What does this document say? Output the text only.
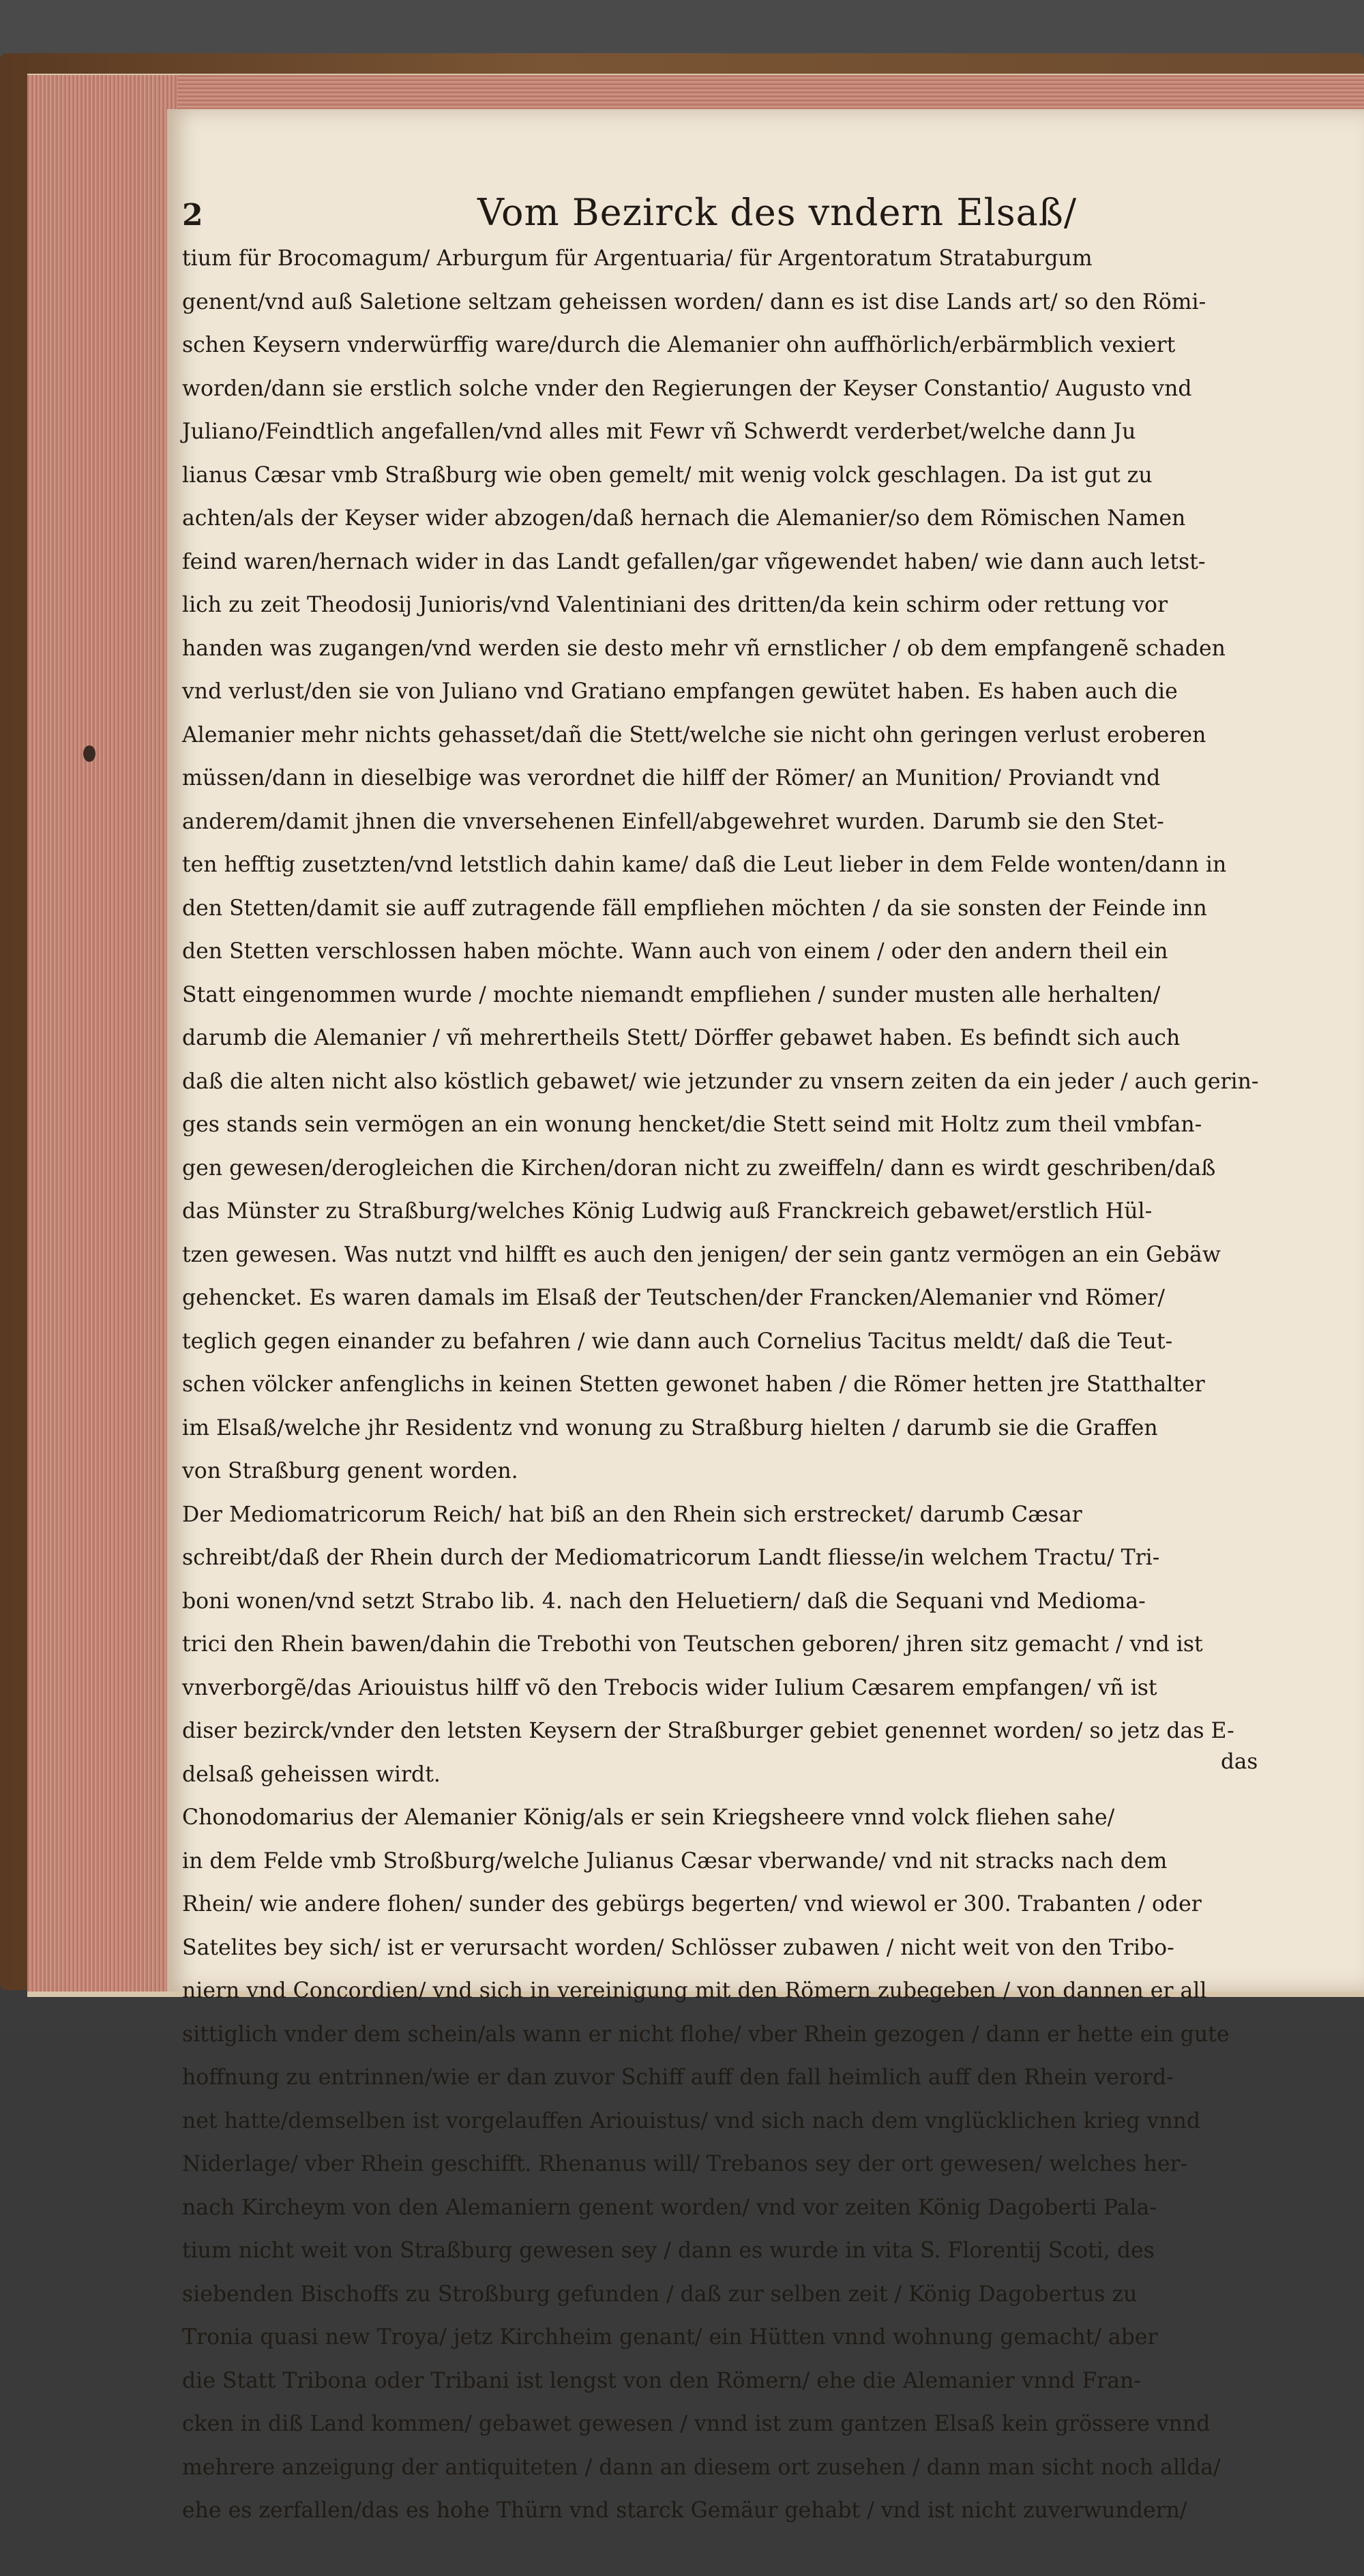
2	Vom Bezirck des vndern Elsaß/
tium für Brocomagum/ Arburgum für Argentuaria/ für Argentoratum Strataburgum
genent/vnd auß Saletione seltzam geheissen worden/ dann es ist dise Lands art/ so den Römi-
schen Keysern vnderwürffig ware/durch die Alemanier ohn auffhörlich/erbärmblich vexiert
worden/dann sie erstlich solche vnder den Regierungen der Keyser Constantio/ Augusto vnd
Juliano/Feindtlich angefallen/vnd alles mit Fewr vñ Schwerdt verderbet/welche dann Ju
lianus Cæsar vmb Straßburg wie oben gemelt/ mit wenig volck geschlagen. Da ist gut zu
achten/als der Keyser wider abzogen/daß hernach die Alemanier/so dem Römischen Namen
feind waren/hernach wider in das Landt gefallen/gar vñgewendet haben/ wie dann auch letst-
lich zu zeit Theodosij Junioris/vnd Valentiniani des dritten/da kein schirm oder rettung vor
handen was zugangen/vnd werden sie desto mehr vñ ernstlicher / ob dem empfangenẽ schaden
vnd verlust/den sie von Juliano vnd Gratiano empfangen gewütet haben. Es haben auch die
Alemanier mehr nichts gehasset/dañ die Stett/welche sie nicht ohn geringen verlust eroberen
müssen/dann in dieselbige was verordnet die hilff der Römer/ an Munition/ Proviandt vnd
anderem/damit jhnen die vnversehenen Einfell/abgewehret wurden. Darumb sie den Stet-
ten hefftig zusetzten/vnd letstlich dahin kame/ daß die Leut lieber in dem Felde wonten/dann in
den Stetten/damit sie auff zutragende fäll empfliehen möchten / da sie sonsten der Feinde inn
den Stetten verschlossen haben möchte. Wann auch von einem / oder den andern theil ein
Statt eingenommen wurde / mochte niemandt empfliehen / sunder musten alle herhalten/
darumb die Alemanier / vñ mehrertheils Stett/ Dörffer gebawet haben. Es befindt sich auch
daß die alten nicht also köstlich gebawet/ wie jetzunder zu vnsern zeiten da ein jeder / auch gerin-
ges stands sein vermögen an ein wonung hencket/die Stett seind mit Holtz zum theil vmbfan-
gen gewesen/derogleichen die Kirchen/doran nicht zu zweiffeln/ dann es wirdt geschriben/daß
das Münster zu Straßburg/welches König Ludwig auß Franckreich gebawet/erstlich Hül-
tzen gewesen. Was nutzt vnd hilfft es auch den jenigen/ der sein gantz vermögen an ein Gebäw
gehencket. Es waren damals im Elsaß der Teutschen/der Francken/Alemanier vnd Römer/
teglich gegen einander zu befahren / wie dann auch Cornelius Tacitus meldt/ daß die Teut-
schen völcker anfenglichs in keinen Stetten gewonet haben / die Römer hetten jre Statthalter
im Elsaß/welche jhr Residentz vnd wonung zu Straßburg hielten / darumb sie die Graffen
von Straßburg genent worden.
Der Mediomatricorum Reich/ hat biß an den Rhein sich erstrecket/ darumb Cæsar
schreibt/daß der Rhein durch der Mediomatricorum Landt fliesse/in welchem Tractu/ Tri-
boni wonen/vnd setzt Strabo lib. 4. nach den Heluetiern/ daß die Sequani vnd Medioma-
trici den Rhein bawen/dahin die Trebothi von Teutschen geboren/ jhren sitz gemacht / vnd ist
vnverborgẽ/das Ariouistus hilff võ den Trebocis wider Iulium Cæsarem empfangen/ vñ ist
diser bezirck/vnder den letsten Keysern der Straßburger gebiet genennet worden/ so jetz das E-
delsaß geheissen wirdt.
Chonodomarius der Alemanier König/als er sein Kriegsheere vnnd volck fliehen sahe/
in dem Felde vmb Stroßburg/welche Julianus Cæsar vberwande/ vnd nit stracks nach dem
Rhein/ wie andere flohen/ sunder des gebürgs begerten/ vnd wiewol er 300. Trabanten / oder
Satelites bey sich/ ist er verursacht worden/ Schlösser zubawen / nicht weit von den Tribo-
niern vnd Concordien/ vnd sich in vereinigung mit den Römern zubegeben / von dannen er all
sittiglich vnder dem schein/als wann er nicht flohe/ vber Rhein gezogen / dann er hette ein gute
hoffnung zu entrinnen/wie er dan zuvor Schiff auff den fall heimlich auff den Rhein verord-
net hatte/demselben ist vorgelauffen Ariouistus/ vnd sich nach dem vnglücklichen krieg vnnd
Niderlage/ vber Rhein geschifft. Rhenanus will/ Trebanos sey der ort gewesen/ welches her-
nach Kircheym von den Alemaniern genent worden/ vnd vor zeiten König Dagoberti Pala-
tium nicht weit von Straßburg gewesen sey / dann es wurde in vita S. Florentij Scoti, des
siebenden Bischoffs zu Stroßburg gefunden / daß zur selben zeit / König Dagobertus zu
Tronia quasi new Troya/ jetz Kirchheim genant/ ein Hütten vnnd wohnung gemacht/ aber
die Statt Tribona oder Tribani ist lengst von den Römern/ ehe die Alemanier vnnd Fran-
cken in diß Land kommen/ gebawet gewesen / vnnd ist zum gantzen Elsaß kein grössere vnnd
mehrere anzeigung der antiquiteten / dann an diesem ort zusehen / dann man sicht noch allda/
ehe es zerfallen/das es hohe Thürn vnd starck Gemäur gehabt / vnd ist nicht zuverwundern/
das
